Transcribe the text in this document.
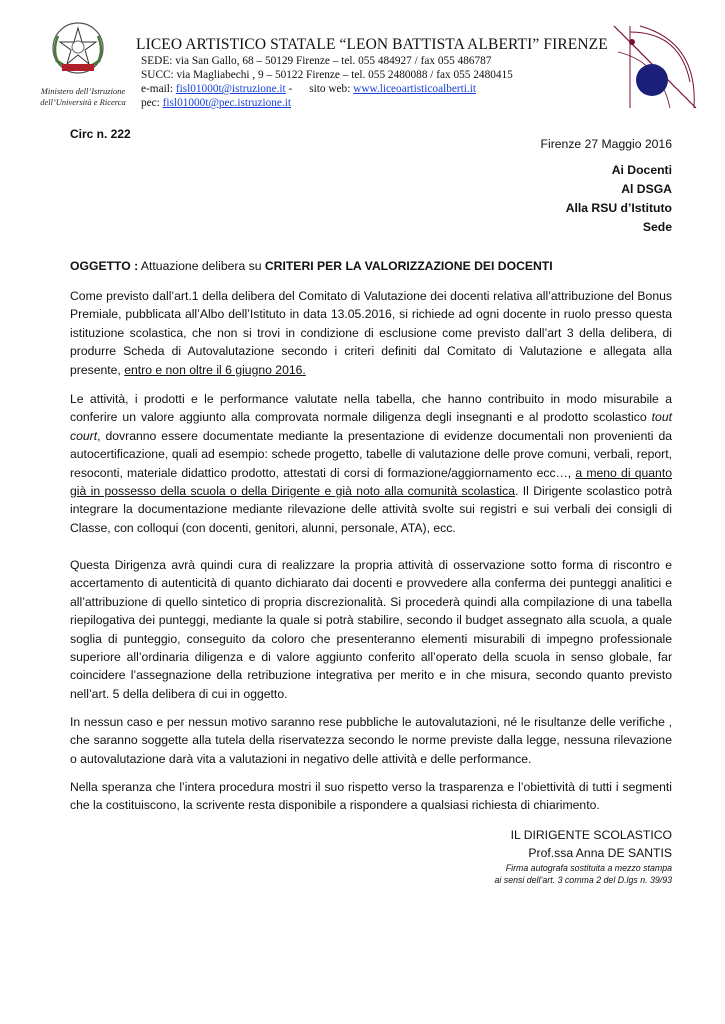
Ministero dell’Istruzione
dell’Università e Ricerca
LICEO ARTISTICO STATALE “LEON BATTISTA ALBERTI” FIRENZE
SEDE: via San Gallo, 68 – 50129 Firenze – tel. 055 484927 / fax 055 486787
SUCC: via Magliabechi , 9 – 50122 Firenze – tel. 055 2480088 / fax 055 2480415
e-mail: fisl01000t@istruzione.it -      sito web: www.liceoartisticoalberti.it
pec: fisl01000t@pec.istruzione.it
Circ n. 222
Firenze 27 Maggio 2016
Ai Docenti
Al DSGA
Alla RSU d’Istituto
Sede
OGGETTO : Attuazione delibera su CRITERI PER LA VALORIZZAZIONE DEI DOCENTI
Come previsto dall’art.1 della delibera del Comitato di Valutazione dei docenti relativa all’attribuzione del Bonus Premiale, pubblicata all’Albo dell’Istituto in data 13.05.2016, si richiede ad ogni docente in ruolo presso questa istituzione scolastica, che non si trovi in condizione di esclusione come previsto dall’art 3 della delibera, di produrre Scheda di Autovalutazione secondo i criteri definiti dal Comitato di Valutazione e allegata alla presente, entro e non oltre il 6 giugno 2016.
Le attività, i prodotti e le performance valutate nella tabella, che hanno contribuito in modo misurabile a conferire un valore aggiunto alla comprovata normale diligenza degli insegnanti e al prodotto scolastico tout court, dovranno essere documentate mediante la presentazione di evidenze documentali non provenienti da autocertificazione, quali ad esempio: schede progetto, tabelle di valutazione delle prove comuni, verbali, report, resoconti, materiale didattico prodotto, attestati di corsi di formazione/aggiornamento ecc…, a meno di quanto già in possesso della scuola o della Dirigente e già noto alla comunità scolastica. Il Dirigente scolastico potrà integrare la documentazione mediante rilevazione delle attività svolte sui registri e sui verbali dei consigli di Classe, con colloqui (con docenti, genitori, alunni, personale, ATA), ecc.
Questa Dirigenza avrà quindi cura di realizzare la propria attività di osservazione sotto forma di riscontro e accertamento di autenticità di quanto dichiarato dai docenti e provvedere alla conferma dei punteggi analitici e all’attribuzione di quello sintetico di propria discrezionalità. Si procederà quindi alla compilazione di una tabella riepilogativa dei punteggi, mediante la quale si potrà stabilire, secondo il budget assegnato alla scuola, a quale soglia di punteggio, conseguito da coloro che presenteranno elementi misurabili di impegno professionale superiore all’ordinaria diligenza e di valore aggiunto conferito all’operato della scuola in senso globale, far coincidere l’assegnazione della retribuzione integrativa per merito e in che misura, secondo quanto previsto nell’art. 5 della delibera di cui in oggetto.
In nessun caso e per nessun motivo saranno rese pubbliche le autovalutazioni, né le risultanze delle verifiche , che saranno soggette alla tutela della riservatezza secondo le norme previste dalla legge, nessuna rilevazione o autovalutazione darà vita a valutazioni in negativo delle attività e delle performance.
Nella speranza che l’intera procedura mostri il suo rispetto verso la trasparenza e l’obiettività di tutti i segmenti che la costituiscono, la scrivente resta disponibile a rispondere a qualsiasi richiesta di chiarimento.
IL DIRIGENTE SCOLASTICO
Prof.ssa Anna DE SANTIS
Firma autografa sostituita a mezzo stampa
ai sensi dell’art. 3 comma 2 del D.lgs n. 39/93
